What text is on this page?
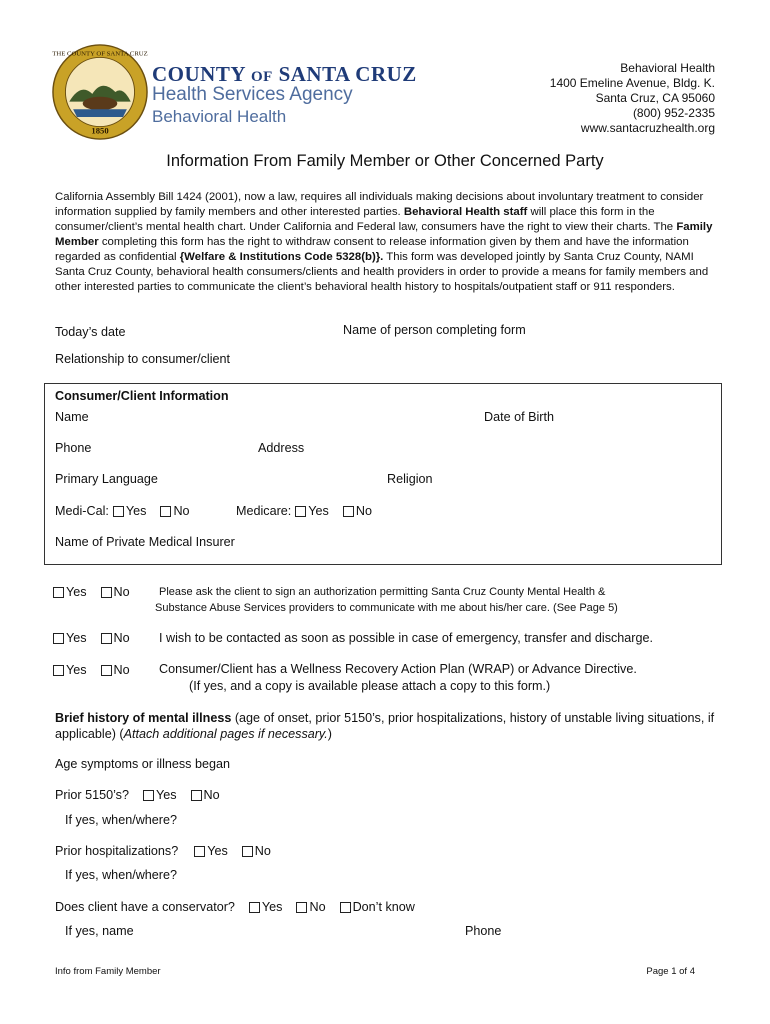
THE COUNTY OF SANTA CRUZ
1850
COUNTY OF SANTA CRUZ
Health Services Agency
Behavioral Health
Behavioral Health
1400 Emeline Avenue, Bldg. K.
Santa Cruz, CA 95060
(800) 952-2335
www.santacruzhealth.org
Information From Family Member or Other Concerned Party
California Assembly Bill 1424 (2001), now a law, requires all individuals making decisions about involuntary treatment to consider information supplied by family members and other interested parties. Behavioral Health staff will place this form in the consumer/client’s mental health chart. Under California and Federal law, consumers have the right to view their charts. The Family Member completing this form has the right to withdraw consent to release information given by them and have the information regarded as confidential {Welfare & Institutions Code 5328(b)}. This form was developed jointly by Santa Cruz County, NAMI Santa Cruz County, behavioral health consumers/clients and health providers in order to provide a means for family members and other interested parties to communicate the client’s behavioral health history to hospitals/outpatient staff or 911 responders.
Today’s date	Name of person completing form
Relationship to consumer/client
Consumer/Client Information
Name	Date of Birth
Phone	Address
Primary Language	Religion
Medi-Cal: Yes No	Medicare: Yes No
Name of Private Medical Insurer
Yes No	Please ask the client to sign an authorization permitting Santa Cruz County Mental Health &
Substance Abuse Services providers to communicate with me about his/her care. (See Page 5)
Yes No I wish to be contacted as soon as possible in case of emergency, transfer and discharge.
Yes No Consumer/Client has a Wellness Recovery Action Plan (WRAP) or Advance Directive.
(If yes, and a copy is available please attach a copy to this form.)
Brief history of mental illness (age of onset, prior 5150’s, prior hospitalizations, history of unstable living situations, if applicable) (Attach additional pages if necessary.)
Age symptoms or illness began
Prior 5150’s? Yes No
If yes, when/where?
Prior hospitalizations? Yes No
If yes, when/where?
Does client have a conservator? Yes No Don’t know
If yes, name	Phone
Info from Family Member	Page 1 of 4
